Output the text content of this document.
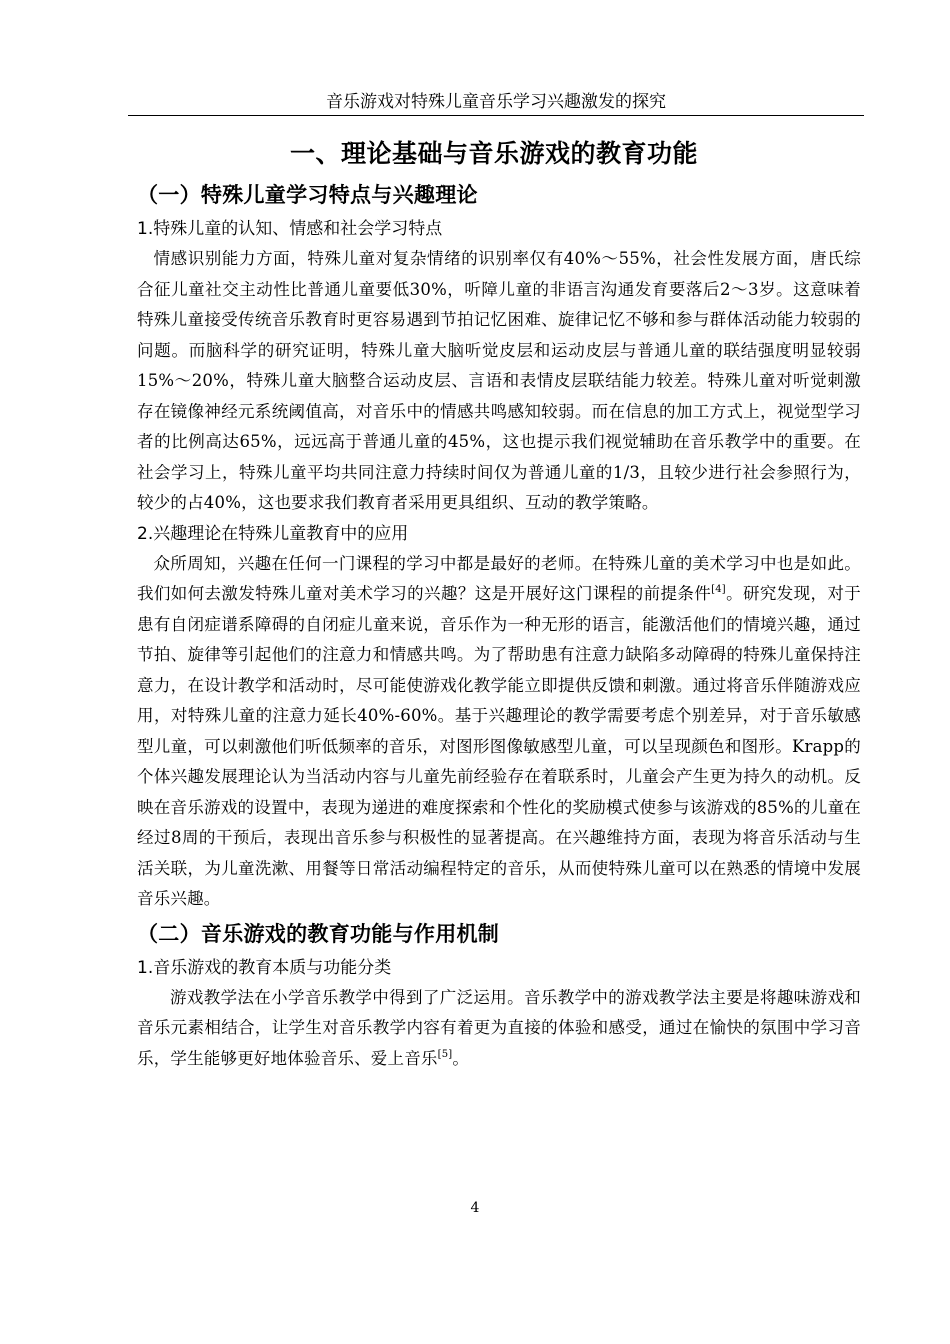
音乐游戏对特殊儿童音乐学习兴趣激发的探究
一、理论基础与音乐游戏的教育功能
（一）特殊儿童学习特点与兴趣理论
1.特殊儿童的认知、情感和社会学习特点

情感识别能力方面，特殊儿童对复杂情绪的识别率仅有40%～55%，社会性发展方面，唐氏综合征儿童社交主动性比普通儿童要低30%，听障儿童的非语言沟通发育要落后2～3岁。这意味着特殊儿童接受传统音乐教育时更容易遇到节拍记忆困难、旋律记忆不够和参与群体活动能力较弱的问题。而脑科学的研究证明，特殊儿童大脑听觉皮层和运动皮层与普通儿童的联结强度明显较弱15%～20%，特殊儿童大脑整合运动皮层、言语和表情皮层联结能力较差。特殊儿童对听觉刺激存在镜像神经元系统阈值高，对音乐中的情感共鸣感知较弱。而在信息的加工方式上，视觉型学习者的比例高达65%，远远高于普通儿童的45%，这也提示我们视觉辅助在音乐教学中的重要。在社会学习上，特殊儿童平均共同注意力持续时间仅为普通儿童的1/3，且较少进行社会参照行为，较少的占40%，这也要求我们教育者采用更具组织、互动的教学策略。

2.兴趣理论在特殊儿童教育中的应用

众所周知，兴趣在任何一门课程的学习中都是最好的老师。在特殊儿童的美术学习中也是如此。我们如何去激发特殊儿童对美术学习的兴趣？这是开展好这门课程的前提条件[4]。研究发现，对于患有自闭症谱系障碍的自闭症儿童来说，音乐作为一种无形的语言，能激活他们的情境兴趣，通过节拍、旋律等引起他们的注意力和情感共鸣。为了帮助患有注意力缺陷多动障碍的特殊儿童保持注意力，在设计教学和活动时，尽可能使游戏化教学能立即提供反馈和刺激。通过将音乐伴随游戏应用，对特殊儿童的注意力延长40%-60%。基于兴趣理论的教学需要考虑个别差异，对于音乐敏感型儿童，可以刺激他们听低频率的音乐，对图形图像敏感型儿童，可以呈现颜色和图形。Krapp的个体兴趣发展理论认为当活动内容与儿童先前经验存在着联系时，儿童会产生更为持久的动机。反映在音乐游戏的设置中，表现为递进的难度探索和个性化的奖励模式使参与该游戏的85%的儿童在经过8周的干预后，表现出音乐参与积极性的显著提高。在兴趣维持方面，表现为将音乐活动与生活关联，为儿童洗漱、用餐等日常活动编程特定的音乐，从而使特殊儿童可以在熟悉的情境中发展音乐兴趣。

（二）音乐游戏的教育功能与作用机制
1.音乐游戏的教育本质与功能分类

游戏教学法在小学音乐教学中得到了广泛运用。音乐教学中的游戏教学法主要是将趣味游戏和音乐元素相结合，让学生对音乐教学内容有着更为直接的体验和感受，通过在愉快的氛围中学习音乐，学生能够更好地体验音乐、爱上音乐[5]。

4
